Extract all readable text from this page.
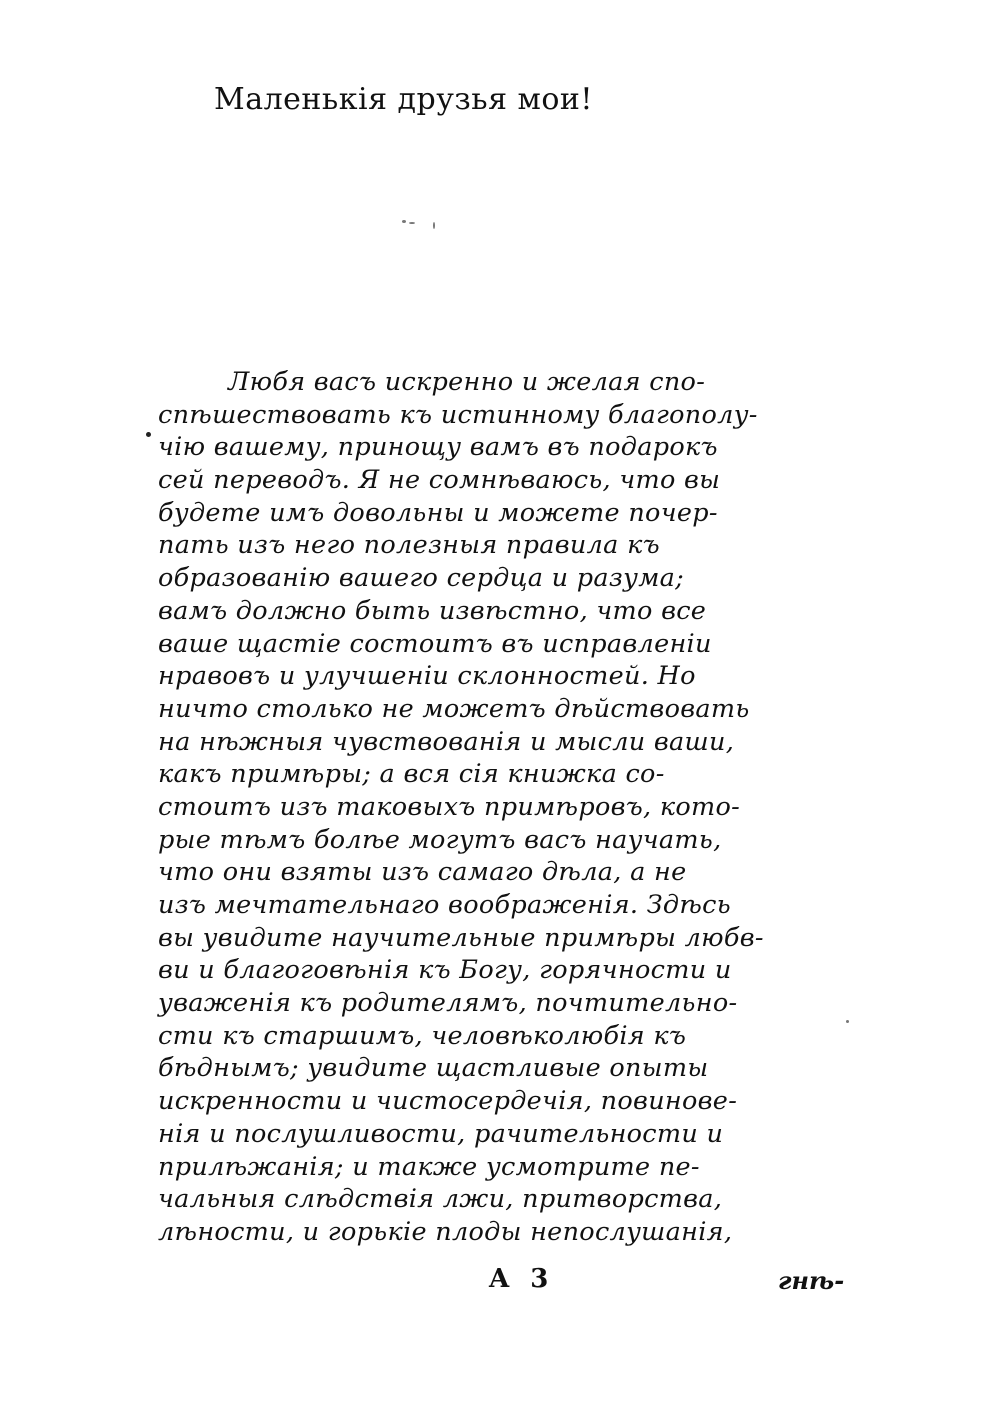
Маленькія друзья мои!
Любя васъ искренно и желая спо-
спѣшествовать къ истинному благополу-
чію вашему, принощу вамъ въ подарокъ
сей переводъ. Я не сомнѣваюсь, что вы
будете имъ довольны и можете почер-
пать изъ него полезныя правила къ
образованію вашего сердца и разума;
вамъ должно быть извѣстно, что все
ваше щастіе состоитъ въ исправленіи
нравовъ и улучшеніи склонностей. Но
ничто столько не можетъ дѣйствовать
на нѣжныя чувствованія и мысли ваши,
какъ примѣры; а вся сія книжка со-
стоитъ изъ таковыхъ примѣровъ, кото-
рые тѣмъ болѣе могутъ васъ научать,
что они взяты изъ самаго дѣла, а не
изъ мечтательнаго воображенія. Здѣсь
вы увидите научительные примѣры любв-
ви и благоговѣнія къ Богу, горячности и
уваженія къ родителямъ, почтительно-
сти къ старшимъ, человѣколюбія къ
бѣднымъ; увидите щастливые опыты
искренности и чистосердечія, повинове-
нія и послушливости, рачительности и
прилѣжанія; и также усмотрите пе-
чальныя слѣдствія лжи, притворства,
лѣности, и горькіе плоды непослушанія,
A 3	гнѣ-
